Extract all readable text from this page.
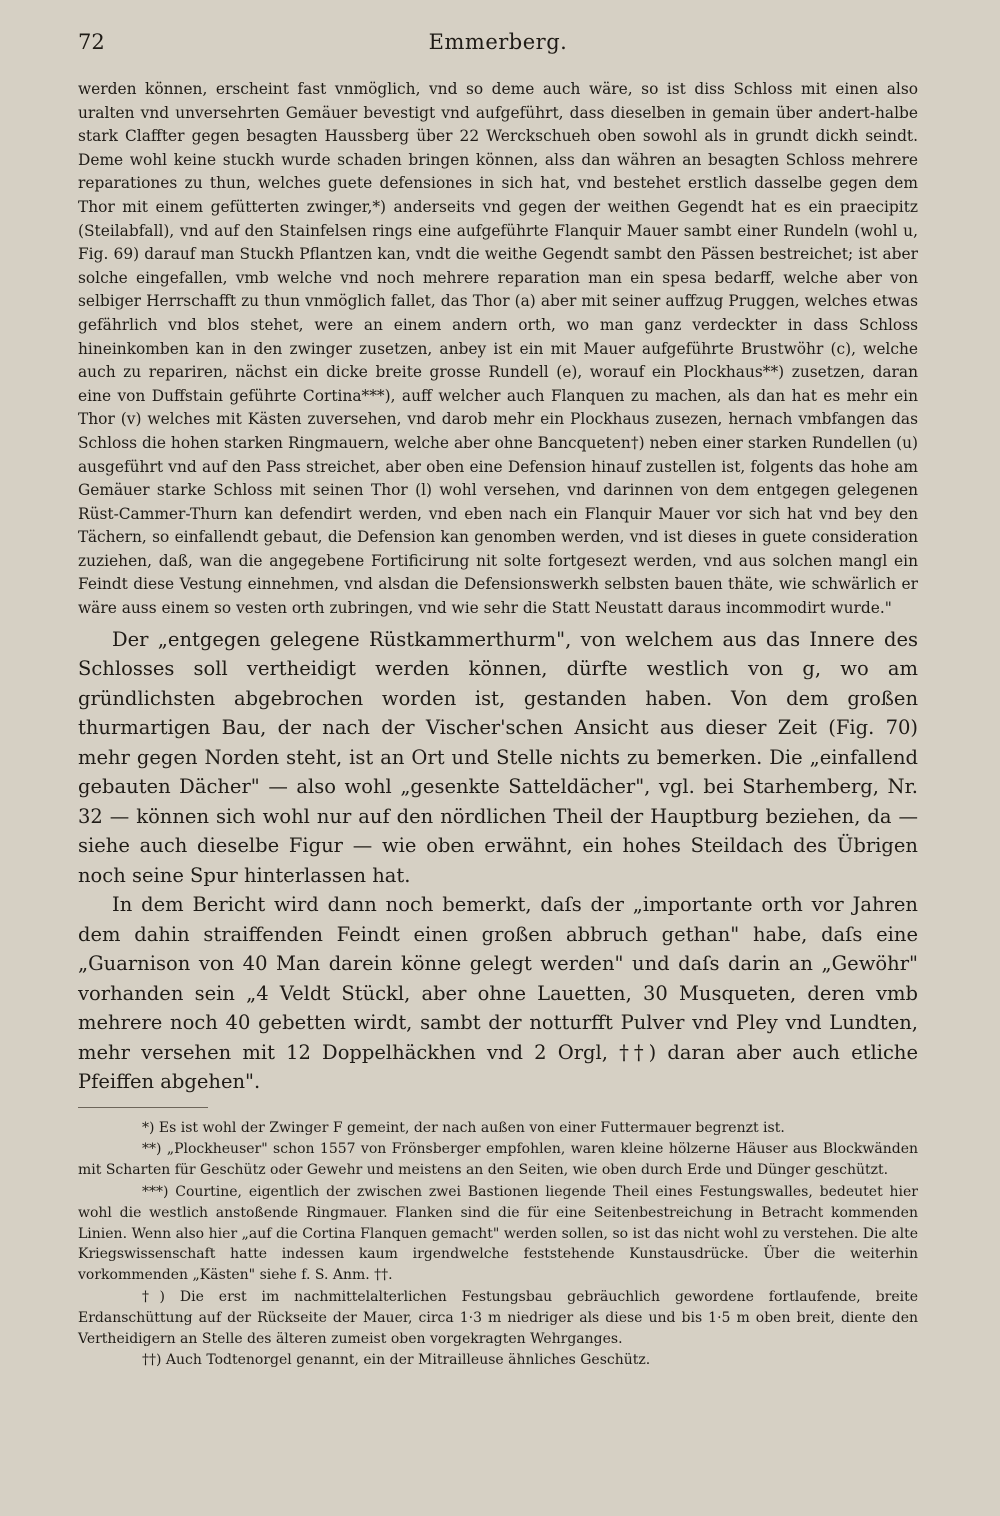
72	Emmerberg.

werden können, erscheint fast vnmöglich, vnd so deme auch wäre, so ist diss Schloss mit einen also uralten vnd unversehrten Gemäuer bevestigt vnd aufgeführt, dass dieselben in gemain über andert-halbe stark Claffter gegen besagten Haussberg über 22 Werckschueh oben sowohl als in grundt dickh seindt. Deme wohl keine stuckh wurde schaden bringen können, alss dan währen an besagten Schloss mehrere reparationes zu thun, welches guete defensiones in sich hat, vnd bestehet erstlich dasselbe gegen dem Thor mit einem gefütterten zwinger,*) anderseits vnd gegen der weithen Gegendt hat es ein praecipitz (Steilabfall), vnd auf den Stainfelsen rings eine aufgeführte Flanquir Mauer sambt einer Rundeln (wohl u, Fig. 69) darauf man Stuckh Pflantzen kan, vndt die weithe Gegendt sambt den Pässen bestreichet; ist aber solche eingefallen, vmb welche vnd noch mehrere reparation man ein spesa bedarff, welche aber von selbiger Herrschafft zu thun vnmöglich fallet, das Thor (a) aber mit seiner auffzug Pruggen, welches etwas gefährlich vnd blos stehet, were an einem andern orth, wo man ganz verdeckter in dass Schloss hineinkomben kan in den zwinger zusetzen, anbey ist ein mit Mauer aufgeführte Brustwöhr (c), welche auch zu repariren, nächst ein dicke breite grosse Rundell (e), worauf ein Plockhaus**) zusetzen, daran eine von Duffstain geführte Cortina***), auff welcher auch Flanquen zu machen, als dan hat es mehr ein Thor (v) welches mit Kästen zuversehen, vnd darob mehr ein Plockhaus zusezen, hernach vmbfangen das Schloss die hohen starken Ringmauern, welche aber ohne Bancqueten†) neben einer starken Rundellen (u) ausgeführt vnd auf den Pass streichet, aber oben eine Defension hinauf zustellen ist, folgents das hohe am Gemäuer starke Schloss mit seinen Thor (l) wohl versehen, vnd darinnen von dem entgegen gelegenen Rüst-Cammer-Thurn kan defendirt werden, vnd eben nach ein Flanquir Mauer vor sich hat vnd bey den Tächern, so einfallendt gebaut, die Defension kan genomben werden, vnd ist dieses in guete consideration zuziehen, daß, wan die angegebene Fortificirung nit solte fortgesezt werden, vnd aus solchen mangl ein Feindt diese Vestung einnehmen, vnd alsdan die Defensionswerkh selbsten bauen thäte, wie schwärlich er wäre auss einem so vesten orth zubringen, vnd wie sehr die Statt Neustatt daraus incommodirt wurde."

Der „entgegen gelegene Rüstkammerthurm", von welchem aus das Innere des Schlosses soll vertheidigt werden können, dürfte westlich von g, wo am gründlichsten abgebrochen worden ist, gestanden haben. Von dem großen thurmartigen Bau, der nach der Vischer'schen Ansicht aus dieser Zeit (Fig. 70) mehr gegen Norden steht, ist an Ort und Stelle nichts zu bemerken. Die „einfallend gebauten Dächer" — also wohl „gesenkte Satteldächer", vgl. bei Starhemberg, Nr. 32 — können sich wohl nur auf den nördlichen Theil der Hauptburg beziehen, da — siehe auch dieselbe Figur — wie oben erwähnt, ein hohes Steildach des Übrigen noch seine Spur hinterlassen hat.

In dem Bericht wird dann noch bemerkt, daſs der „importante orth vor Jahren dem dahin straiffenden Feindt einen großen abbruch gethan" habe, daſs eine „Guarnison von 40 Man darein könne gelegt werden" und daſs darin an „Gewöhr" vorhanden sein „4 Veldt Stückl, aber ohne Lauetten, 30 Musqueten, deren vmb mehrere noch 40 gebetten wirdt, sambt der notturfft Pulver vnd Pley vnd Lundten, mehr versehen mit 12 Doppelhäckhen vnd 2 Orgl, ††) daran aber auch etliche Pfeiffen abgehen".

*) Es ist wohl der Zwinger F gemeint, der nach außen von einer Futtermauer begrenzt ist.

**) „Plockheuser" schon 1557 von Frönsberger empfohlen, waren kleine hölzerne Häuser aus Blockwänden mit Scharten für Geschütz oder Gewehr und meistens an den Seiten, wie oben durch Erde und Dünger geschützt.

***) Courtine, eigentlich der zwischen zwei Bastionen liegende Theil eines Festungswalles, bedeutet hier wohl die westlich anstoßende Ringmauer. Flanken sind die für eine Seitenbestreichung in Betracht kommenden Linien. Wenn also hier „auf die Cortina Flanquen gemacht" werden sollen, so ist das nicht wohl zu verstehen. Die alte Kriegswissenschaft hatte indessen kaum irgendwelche feststehende Kunstausdrücke. Über die weiterhin vorkommenden „Kästen" siehe f. S. Anm. ††.

†) Die erst im nachmittelalterlichen Festungsbau gebräuchlich gewordene fortlaufende, breite Erdanschüttung auf der Rückseite der Mauer, circa 1·3 m niedriger als diese und bis 1·5 m oben breit, diente den Vertheidigern an Stelle des älteren zumeist oben vorgekragten Wehrganges.

††) Auch Todtenorgel genannt, ein der Mitrailleuse ähnliches Geschütz.
